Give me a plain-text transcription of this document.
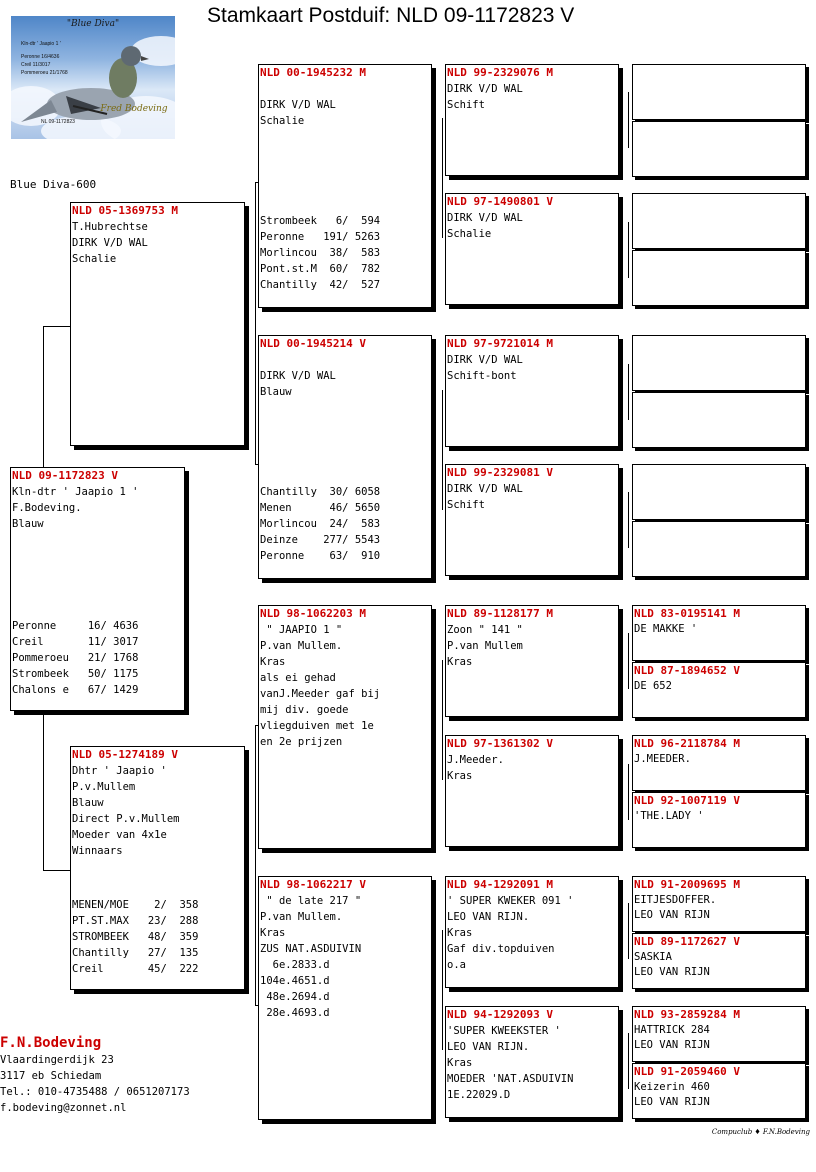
Stamkaart Postduif: NLD 09-1172823 V
"Blue Diva"
Kln-dtr ' Jaapio 1 '
Peronne 16/4636
Creil 11/3017
Pommeroeu 21/1768
NL 09-1172823
Fred Bodeving
Blue Diva-600
NLD 09-1172823 V
Kln-dtr ' Jaapio 1 '
F.Bodeving.
Blauw
Peronne     16/ 4636
Creil       11/ 3017
Pommeroeu   21/ 1768
Strombeek   50/ 1175
Chalons e   67/ 1429
NLD 05-1369753 M
T.Hubrechtse
DIRK V/D WAL
Schalie
NLD 05-1274189 V
Dhtr ' Jaapio '
P.v.Mullem
Blauw
Direct P.v.Mullem
Moeder van 4x1e
Winnaars
MENEN/MOE    2/  358
PT.ST.MAX   23/  288
STROMBEEK   48/  359
Chantilly   27/  135
Creil       45/  222
NLD 00-1945232 M
DIRK V/D WAL
Schalie
Strombeek   6/  594
Peronne   191/ 5263
Morlincou  38/  583
Pont.st.M  60/  782
Chantilly  42/  527
NLD 00-1945214 V
DIRK V/D WAL
Blauw
Chantilly  30/ 6058
Menen      46/ 5650
Morlincou  24/  583
Deinze    277/ 5543
Peronne    63/  910
NLD 98-1062203 M
" JAAPIO 1 "
P.van Mullem.
Kras
als ei gehad
vanJ.Meeder gaf bij
mij div. goede
vliegduiven met 1e
en 2e prijzen
NLD 98-1062217 V
" de late 217 "
P.van Mullem.
Kras
ZUS NAT.ASDUIVIN
6e.2833.d
104e.4651.d
48e.2694.d
28e.4693.d
NLD 99-2329076 M
DIRK V/D WAL
Schift
NLD 97-1490801 V
DIRK V/D WAL
Schalie
NLD 97-9721014 M
DIRK V/D WAL
Schift-bont
NLD 99-2329081 V
DIRK V/D WAL
Schift
NLD 89-1128177 M
Zoon " 141 "
P.van Mullem
Kras
NLD 97-1361302 V
J.Meeder.
Kras
NLD 94-1292091 M
' SUPER KWEKER 091 '
LEO VAN RIJN.
Kras
Gaf div.topduiven
o.a
NLD 94-1292093 V
'SUPER KWEEKSTER '
LEO VAN RIJN.
Kras
MOEDER 'NAT.ASDUIVIN
1E.22029.D
NLD 83-0195141 M
DE MAKKE '
NLD 87-1894652 V
DE 652
NLD 96-2118784 M
J.MEEDER.
NLD 92-1007119 V
'THE.LADY '
NLD 91-2009695 M
EITJESDOFFER.
LEO VAN RIJN
NLD 89-1172627 V
SASKIA
LEO VAN RIJN
NLD 93-2859284 M
HATTRICK 284
LEO VAN RIJN
NLD 91-2059460 V
Keizerin 460
LEO VAN RIJN
F.N.Bodeving
Vlaardingerdijk 23
3117 eb Schiedam
Tel.: 010-4735488 / 0651207173
f.bodeving@zonnet.nl
Compuclub ♦ F.N.Bodeving
